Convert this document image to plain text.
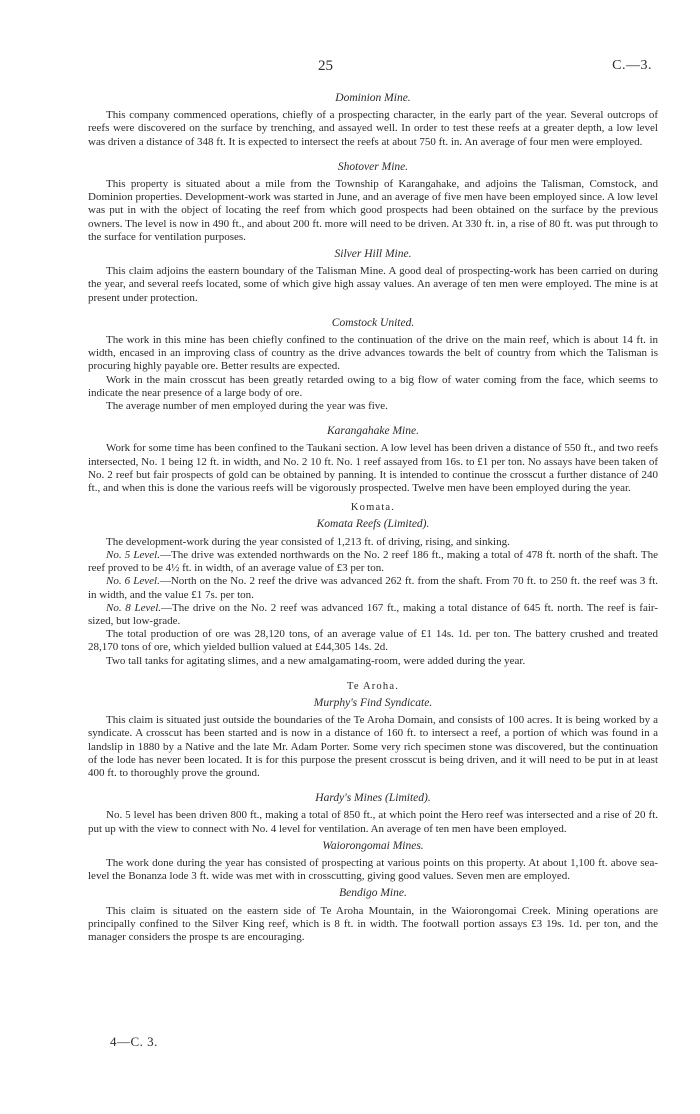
25	C.—3.
Dominion Mine.

This company commenced operations, chiefly of a prospecting character, in the early part of the year. Several outcrops of reefs were discovered on the surface by trenching, and assayed well. In order to test these reefs at a greater depth, a low level was driven a distance of 348 ft. It is expected to intersect the reefs at about 750 ft. in. An average of four men were employed.

Shotover Mine.

This property is situated about a mile from the Township of Karangahake, and adjoins the Talisman, Comstock, and Dominion properties. Development-work was started in June, and an average of five men have been employed since. A low level was put in with the object of locating the reef from which good prospects had been obtained on the surface by the previous owners. The level is now in 490 ft., and about 200 ft. more will need to be driven. At 330 ft. in, a rise of 80 ft. was put through to the surface for ventilation purposes.

Silver Hill Mine.

This claim adjoins the eastern boundary of the Talisman Mine. A good deal of prospecting-work has been carried on during the year, and several reefs located, some of which give high assay values. An average of ten men were employed. The mine is at present under protection.

Comstock United.

The work in this mine has been chiefly confined to the continuation of the drive on the main reef, which is about 14 ft. in width, encased in an improving class of country as the drive advances towards the belt of country from which the Talisman is procuring highly payable ore. Better results are expected.

Work in the main crosscut has been greatly retarded owing to a big flow of water coming from the face, which seems to indicate the near presence of a large body of ore.

The average number of men employed during the year was five.

Karangahake Mine.

Work for some time has been confined to the Taukani section. A low level has been driven a distance of 550 ft., and two reefs intersected, No. 1 being 12 ft. in width, and No. 2 10 ft. No. 1 reef assayed from 16s. to £1 per ton. No assays have been taken of No. 2 reef but fair prospects of gold can be obtained by panning. It is intended to continue the crosscut a further distance of 240 ft., and when this is done the various reefs will be vigorously prospected. Twelve men have been employed during the year.

Komata.
Komata Reefs (Limited).

The development-work during the year consisted of 1,213 ft. of driving, rising, and sinking.

No. 5 Level.—The drive was extended northwards on the No. 2 reef 186 ft., making a total of 478 ft. north of the shaft. The reef proved to be 4½ ft. in width, of an average value of £3 per ton.

No. 6 Level.—North on the No. 2 reef the drive was advanced 262 ft. from the shaft. From 70 ft. to 250 ft. the reef was 3 ft. in width, and the value £1 7s. per ton.

No. 8 Level.—The drive on the No. 2 reef was advanced 167 ft., making a total distance of 645 ft. north. The reef is fair-sized, but low-grade.

The total production of ore was 28,120 tons, of an average value of £1 14s. 1d. per ton. The battery crushed and treated 28,170 tons of ore, which yielded bullion valued at £44,305 14s. 2d.

Two tall tanks for agitating slimes, and a new amalgamating-room, were added during the year.

Te Aroha.
Murphy's Find Syndicate.

This claim is situated just outside the boundaries of the Te Aroha Domain, and consists of 100 acres. It is being worked by a syndicate. A crosscut has been started and is now in a distance of 160 ft. to intersect a reef, a portion of which was found in a landslip in 1880 by a Native and the late Mr. Adam Porter. Some very rich specimen stone was discovered, but the continuation of the lode has never been located. It is for this purpose the present crosscut is being driven, and it will need to be put in at least 400 ft. to thoroughly prove the ground.

Hardy's Mines (Limited).

No. 5 level has been driven 800 ft., making a total of 850 ft., at which point the Hero reef was intersected and a rise of 20 ft. put up with the view to connect with No. 4 level for ventilation. An average of ten men have been employed.

Waiorongomai Mines.

The work done during the year has consisted of prospecting at various points on this property. At about 1,100 ft. above sea-level the Bonanza lode 3 ft. wide was met with in crosscutting, giving good values. Seven men are employed.

Bendigo Mine.

This claim is situated on the eastern side of Te Aroha Mountain, in the Waiorongomai Creek. Mining operations are principally confined to the Silver King reef, which is 8 ft. in width. The footwall portion assays £3 19s. 1d. per ton, and the manager considers the prospe ts are encouraging.

4—C. 3.
